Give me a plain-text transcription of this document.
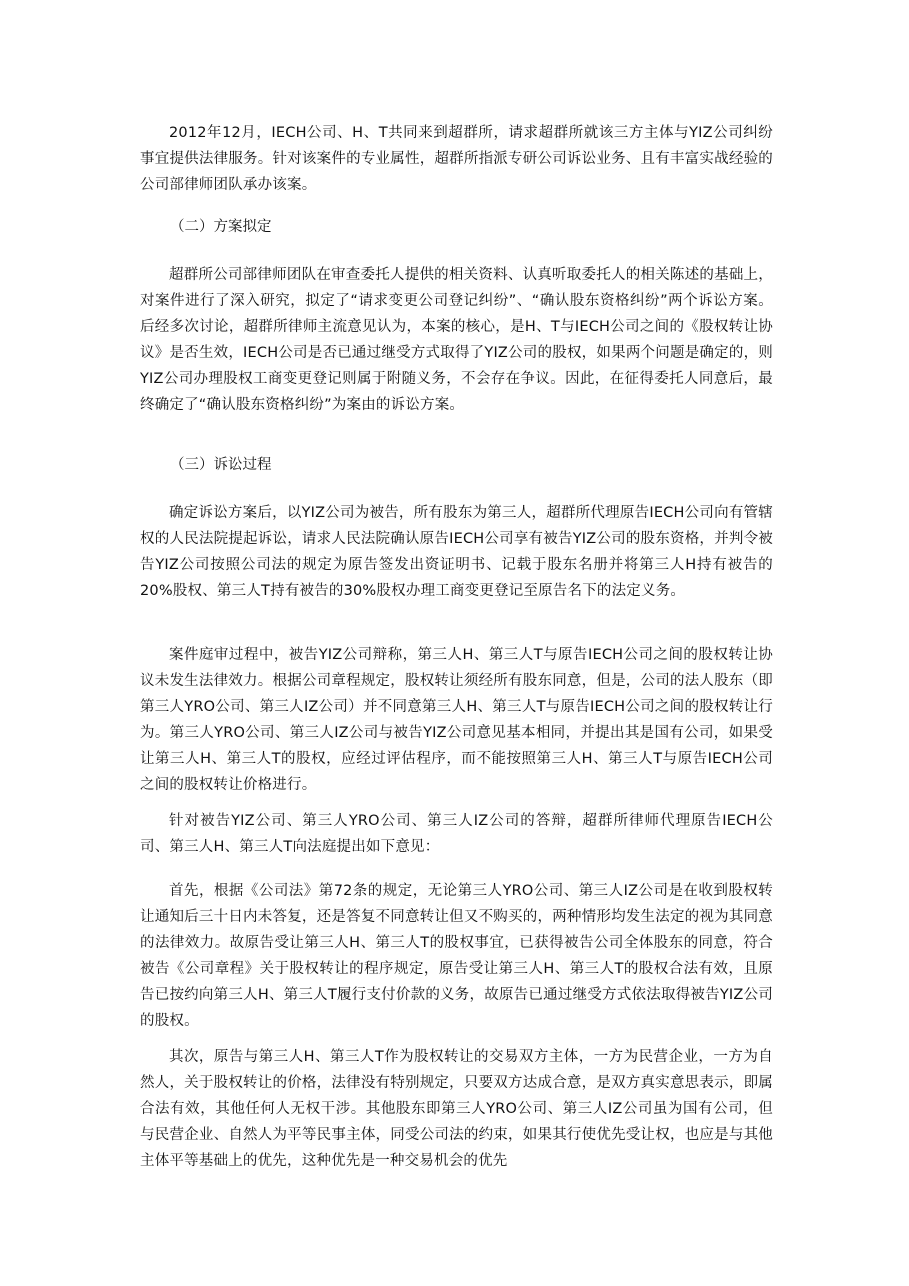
2012年12月，IECH公司、H、T共同来到超群所，请求超群所就该三方主体与YIZ公司纠纷事宜提供法律服务。针对该案件的专业属性，超群所指派专研公司诉讼业务、且有丰富实战经验的公司部律师团队承办该案。

（二）方案拟定

超群所公司部律师团队在审查委托人提供的相关资料、认真听取委托人的相关陈述的基础上，对案件进行了深入研究，拟定了“请求变更公司登记纠纷”、“确认股东资格纠纷”两个诉讼方案。后经多次讨论，超群所律师主流意见认为，本案的核心，是H、T与IECH公司之间的《股权转让协议》是否生效，IECH公司是否已通过继受方式取得了YIZ公司的股权，如果两个问题是确定的，则YIZ公司办理股权工商变更登记则属于附随义务，不会存在争议。因此，在征得委托人同意后，最终确定了“确认股东资格纠纷”为案由的诉讼方案。

（三）诉讼过程

确定诉讼方案后，以YIZ公司为被告，所有股东为第三人，超群所代理原告IECH公司向有管辖权的人民法院提起诉讼，请求人民法院确认原告IECH公司享有被告YIZ公司的股东资格，并判令被告YIZ公司按照公司法的规定为原告签发出资证明书、记载于股东名册并将第三人H持有被告的20%股权、第三人T持有被告的30%股权办理工商变更登记至原告名下的法定义务。

案件庭审过程中，被告YIZ公司辩称，第三人H、第三人T与原告IECH公司之间的股权转让协议未发生法律效力。根据公司章程规定，股权转让须经所有股东同意，但是，公司的法人股东（即第三人YRO公司、第三人IZ公司）并不同意第三人H、第三人T与原告IECH公司之间的股权转让行为。第三人YRO公司、第三人IZ公司与被告YIZ公司意见基本相同，并提出其是国有公司，如果受让第三人H、第三人T的股权，应经过评估程序，而不能按照第三人H、第三人T与原告IECH公司之间的股权转让价格进行。

针对被告YIZ公司、第三人YRO公司、第三人IZ公司的答辩，超群所律师代理原告IECH公司、第三人H、第三人T向法庭提出如下意见：

首先，根据《公司法》第72条的规定，无论第三人YRO公司、第三人IZ公司是在收到股权转让通知后三十日内未答复，还是答复不同意转让但又不购买的，两种情形均发生法定的视为其同意的法律效力。故原告受让第三人H、第三人T的股权事宜，已获得被告公司全体股东的同意，符合被告《公司章程》关于股权转让的程序规定，原告受让第三人H、第三人T的股权合法有效，且原告已按约向第三人H、第三人T履行支付价款的义务，故原告已通过继受方式依法取得被告YIZ公司的股权。

其次，原告与第三人H、第三人T作为股权转让的交易双方主体，一方为民营企业，一方为自然人，关于股权转让的价格，法律没有特别规定，只要双方达成合意，是双方真实意思表示，即属合法有效，其他任何人无权干涉。其他股东即第三人YRO公司、第三人IZ公司虽为国有公司，但与民营企业、自然人为平等民事主体，同受公司法的约束，如果其行使优先受让权，也应是与其他主体平等基础上的优先，这种优先是一种交易机会的优先
